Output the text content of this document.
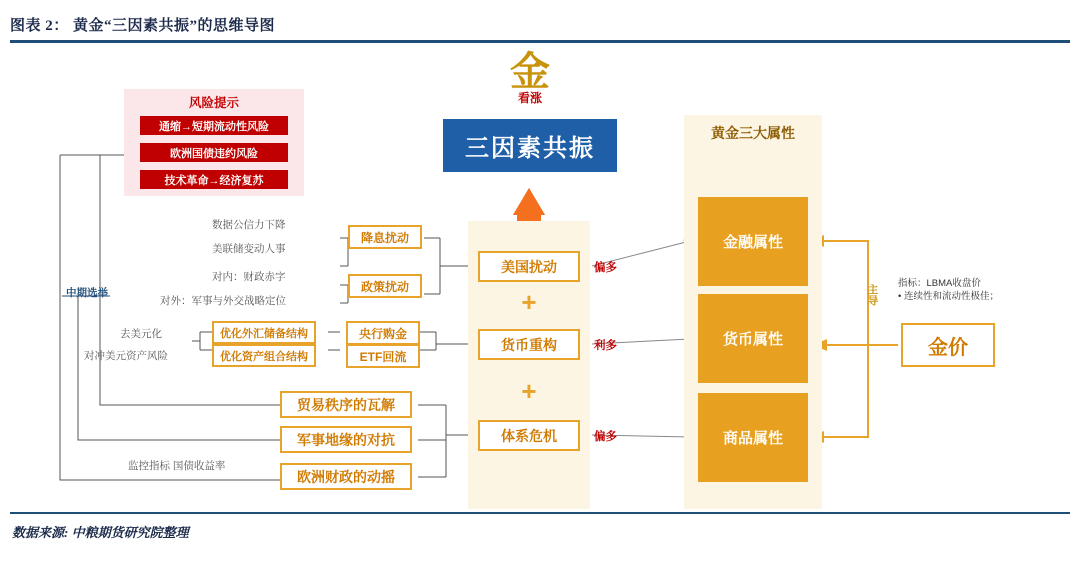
图表 2： 黄金“三因素共振”的思维导图
数据来源: 中粮期货研究院整理
风险提示
通缩→短期流动性风险
欧洲国债违约风险
技术革命→经济复苏
金
看涨
三因素共振
美国扰动
+
货币重构
+
体系危机
偏多
利多
偏多
黄金三大属性
金融属性
货币属性
商品属性
主导
金价
指标：LBMA收盘价
• 连续性和流动性极佳；
数据公信力下降
美联储变动人事
对内：财政赤字
对外：军事与外交战略定位
中期选举
降息扰动
政策扰动
去美元化
对冲美元资产风险
优化外汇储备结构
优化资产组合结构
央行购金
ETF回流
贸易秩序的瓦解
军事地缘的对抗
欧洲财政的动摇
监控指标 国债收益率
